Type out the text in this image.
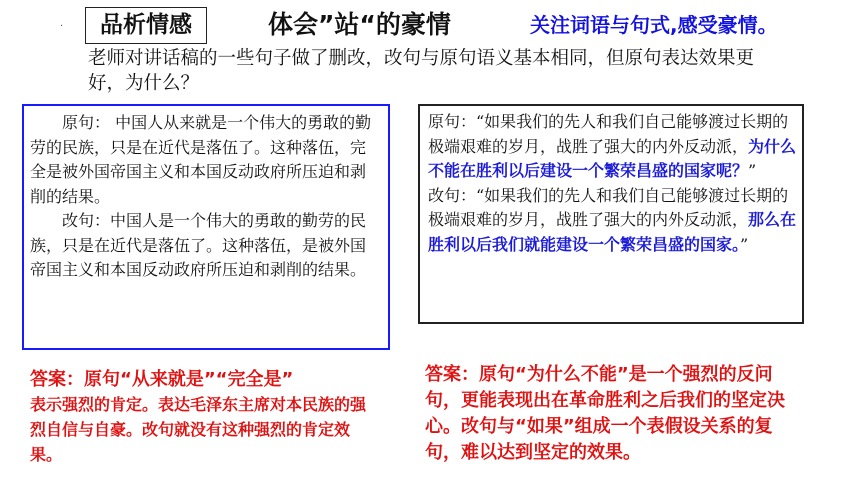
.	品析情感	体会”站“的豪情	关注词语与句式,感受豪情。
老师对讲话稿的一些句子做了删改，改句与原句语义基本相同，但原句表达效果更好，为什么？

原句： 中国人从来就是一个伟大的勇敢的勤劳的民族，只是在近代是落伍了。这种落伍，完全是被外国帝国主义和本国反动政府所压迫和剥削的结果。

改句：中国人是一个伟大的勇敢的勤劳的民族，只是在近代是落伍了。这种落伍，是被外国帝国主义和本国反动政府所压迫和剥削的结果。

原句：“如果我们的先人和我们自己能够渡过长期的极端艰难的岁月，战胜了强大的内外反动派，为什么不能在胜利以后建设一个繁荣昌盛的国家呢？”

改句：“如果我们的先人和我们自己能够渡过长期的极端艰难的岁月，战胜了强大的内外反动派，那么在胜利以后我们就能建设一个繁荣昌盛的国家。”

答案：原句“从来就是”“完全是”
表示强烈的肯定。表达毛泽东主席对本民族的强烈自信与自豪。改句就没有这种强烈的肯定效果。
答案：原句“为什么不能”是一个强烈的反问句，更能表现出在革命胜利之后我们的坚定决心。改句与“如果”组成一个表假设关系的复句，难以达到坚定的效果。
